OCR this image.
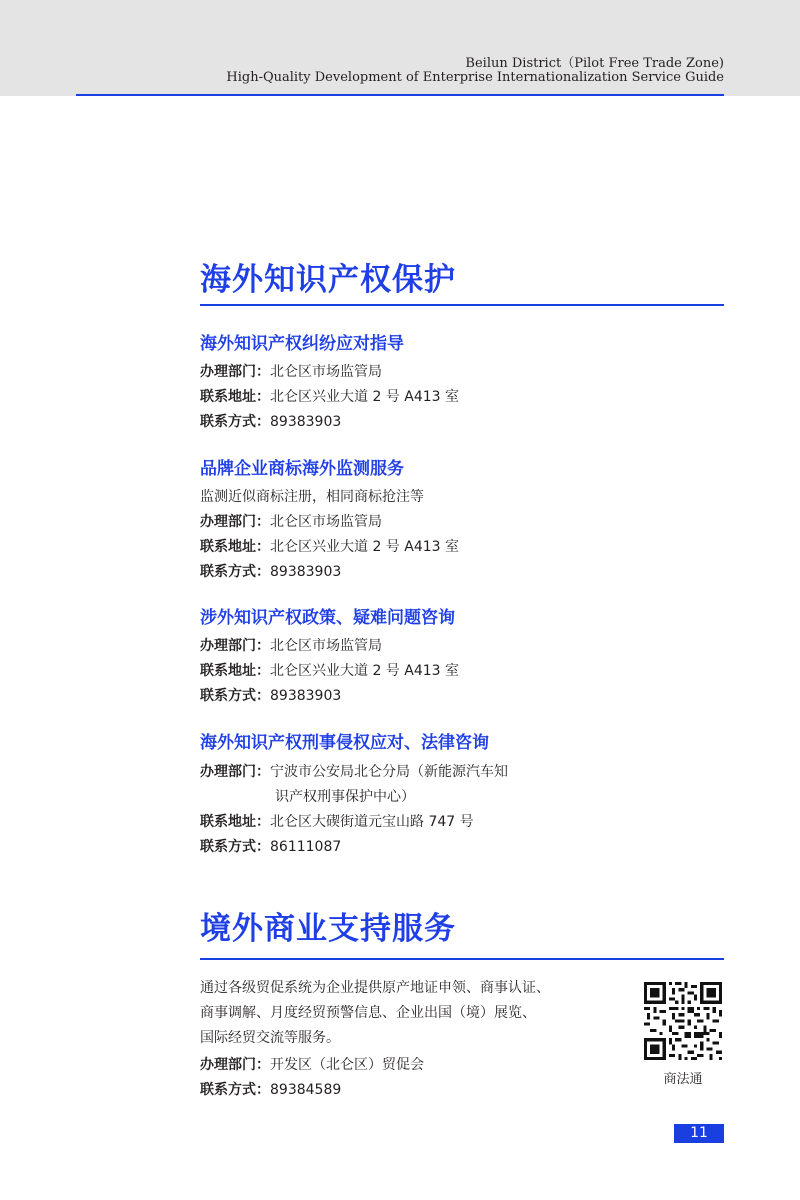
Beilun District（Pilot Free Trade Zone)
High-Quality Development of Enterprise Internationalization Service Guide
海外知识产权保护
海外知识产权纠纷应对指导
办理部门：北仑区市场监管局
联系地址：北仑区兴业大道 2 号 A413 室
联系方式：89383903
品牌企业商标海外监测服务
监测近似商标注册，相同商标抢注等
办理部门：北仑区市场监管局
联系地址：北仑区兴业大道 2 号 A413 室
联系方式：89383903
涉外知识产权政策、疑难问题咨询
办理部门：北仑区市场监管局
联系地址：北仑区兴业大道 2 号 A413 室
联系方式：89383903
海外知识产权刑事侵权应对、法律咨询
办理部门：宁波市公安局北仑分局（新能源汽车知
识产权刑事保护中心）
联系地址：北仑区大碶街道元宝山路 747 号
联系方式：86111087
境外商业支持服务
通过各级贸促系统为企业提供原产地证申领、商事认证、
商事调解、月度经贸预警信息、企业出国（境）展览、
国际经贸交流等服务。
办理部门：开发区（北仑区）贸促会
联系方式：89384589
商法通
11
